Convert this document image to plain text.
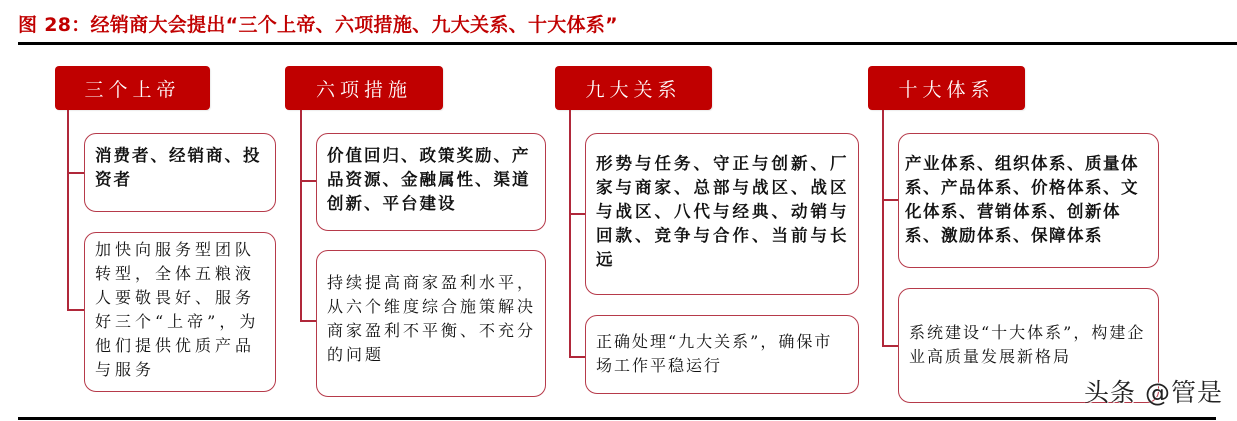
图 28：经销商大会提出“三个上帝、六项措施、九大关系、十大体系”
三个上帝
消费者、经销商、投资者
加快向服务型团队转型，全体五粮液人要敬畏好、服务好三个“上帝”，为他们提供优质产品与服务
六项措施
价值回归、政策奖励、产品资源、金融属性、渠道创新、平台建设
持续提高商家盈利水平，从六个维度综合施策解决商家盈利不平衡、不充分的问题
九大关系
形势与任务、守正与创新、厂家与商家、总部与战区、战区与战区、八代与经典、动销与回款、竞争与合作、当前与长远
正确处理“九大关系”，确保市场工作平稳运行
十大体系
产业体系、组织体系、质量体系、产品体系、价格体系、文化体系、营销体系、创新体系、激励体系、保障体系
系统建设“十大体系”，构建企业高质量发展新格局
头条 @管是
